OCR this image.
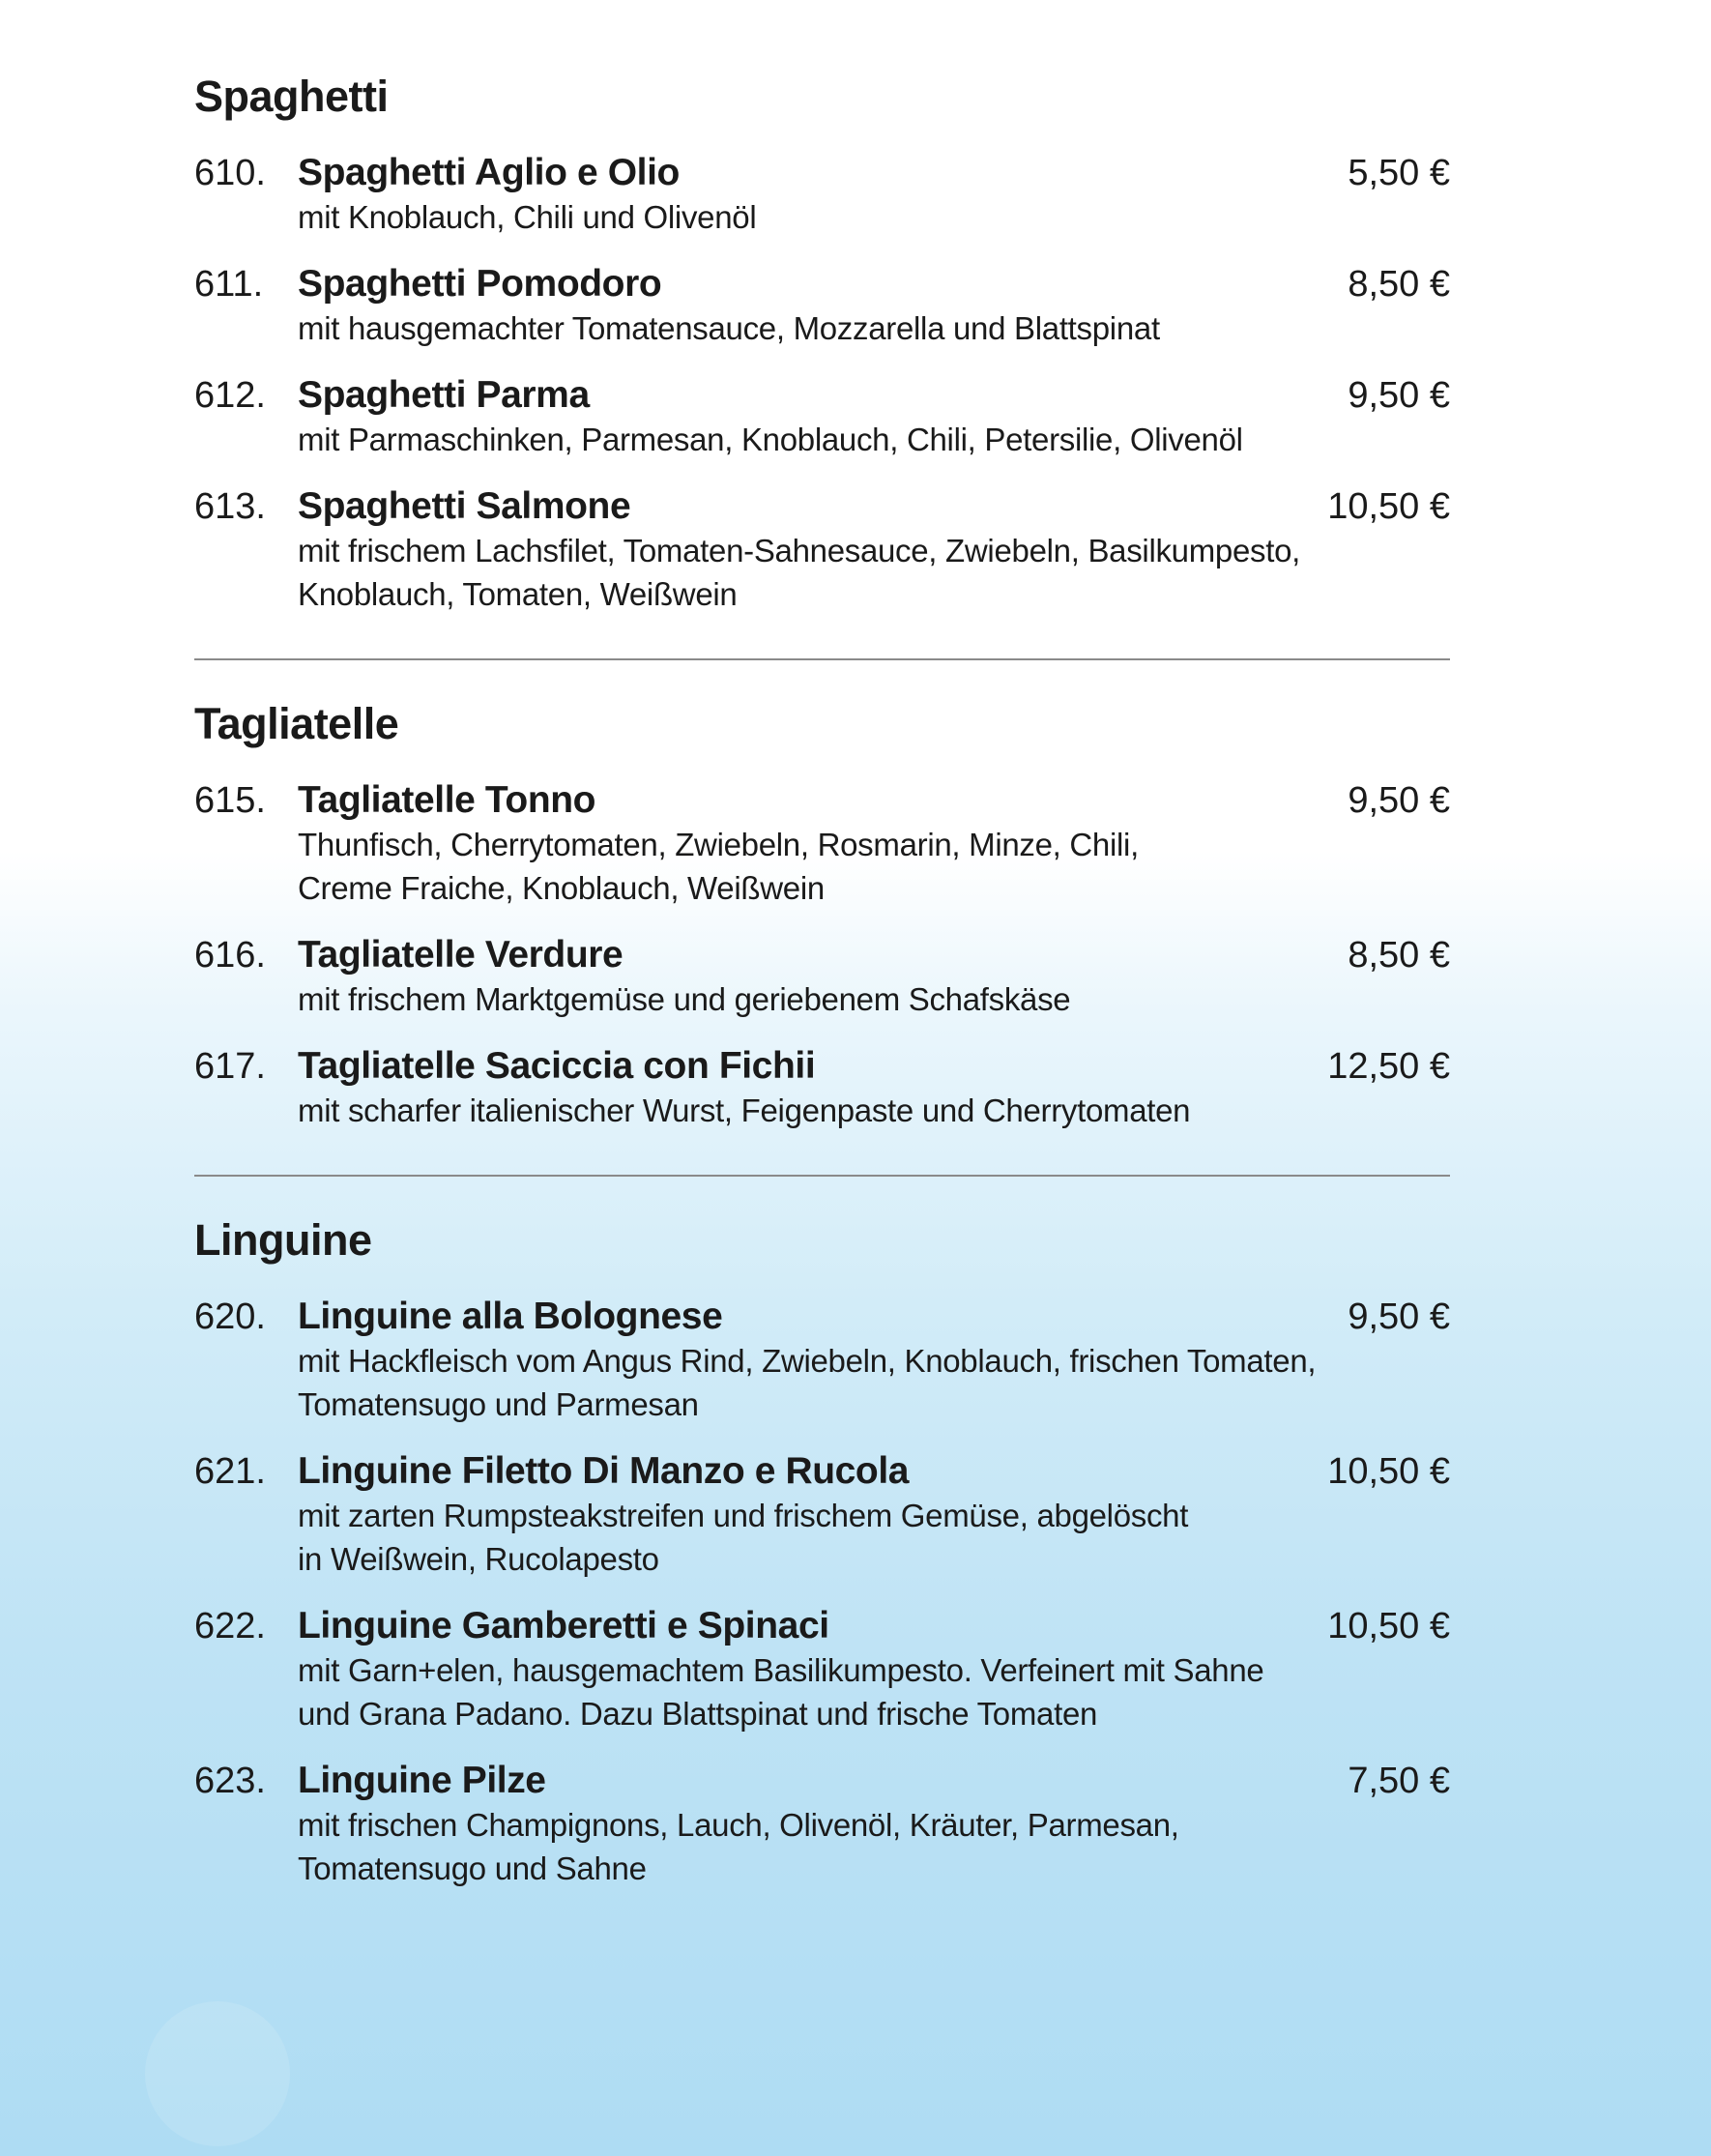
Spaghetti
610. Spaghetti Aglio e Olio
mit Knoblauch, Chili und Olivenöl
5,50 €
611. Spaghetti Pomodoro
mit hausgemachter Tomatensauce, Mozzarella und Blattspinat
8,50 €
612. Spaghetti Parma
mit Parmaschinken, Parmesan, Knoblauch, Chili, Petersilie, Olivenöl
9,50 €
613. Spaghetti Salmone
mit frischem Lachsfilet, Tomaten-Sahnesauce, Zwiebeln, Basilkumpesto,
Knoblauch, Tomaten, Weißwein
10,50 €
Tagliatelle
615. Tagliatelle Tonno
Thunfisch, Cherrytomaten, Zwiebeln, Rosmarin, Minze, Chili,
Creme Fraiche, Knoblauch, Weißwein
9,50 €
616. Tagliatelle Verdure
mit frischem Marktgemüse und geriebenem Schafskäse
8,50 €
617. Tagliatelle Saciccia con Fichii
mit scharfer italienischer Wurst, Feigenpaste und Cherrytomaten
12,50 €
Linguine
620. Linguine alla Bolognese
mit Hackfleisch vom Angus Rind, Zwiebeln, Knoblauch, frischen Tomaten,
Tomatensugo und Parmesan
9,50 €
621. Linguine Filetto Di Manzo e Rucola
mit zarten Rumpsteakstreifen und frischem Gemüse, abgelöscht
in Weißwein, Rucolapesto
10,50 €
622. Linguine Gamberetti e Spinaci
mit Garn+elen, hausgemachtem Basilikumpesto. Verfeinert mit Sahne
und Grana Padano. Dazu Blattspinat und frische Tomaten
10,50 €
623. Linguine Pilze
mit frischen Champignons, Lauch, Olivenöl, Kräuter, Parmesan,
Tomatensugo und Sahne
7,50 €
